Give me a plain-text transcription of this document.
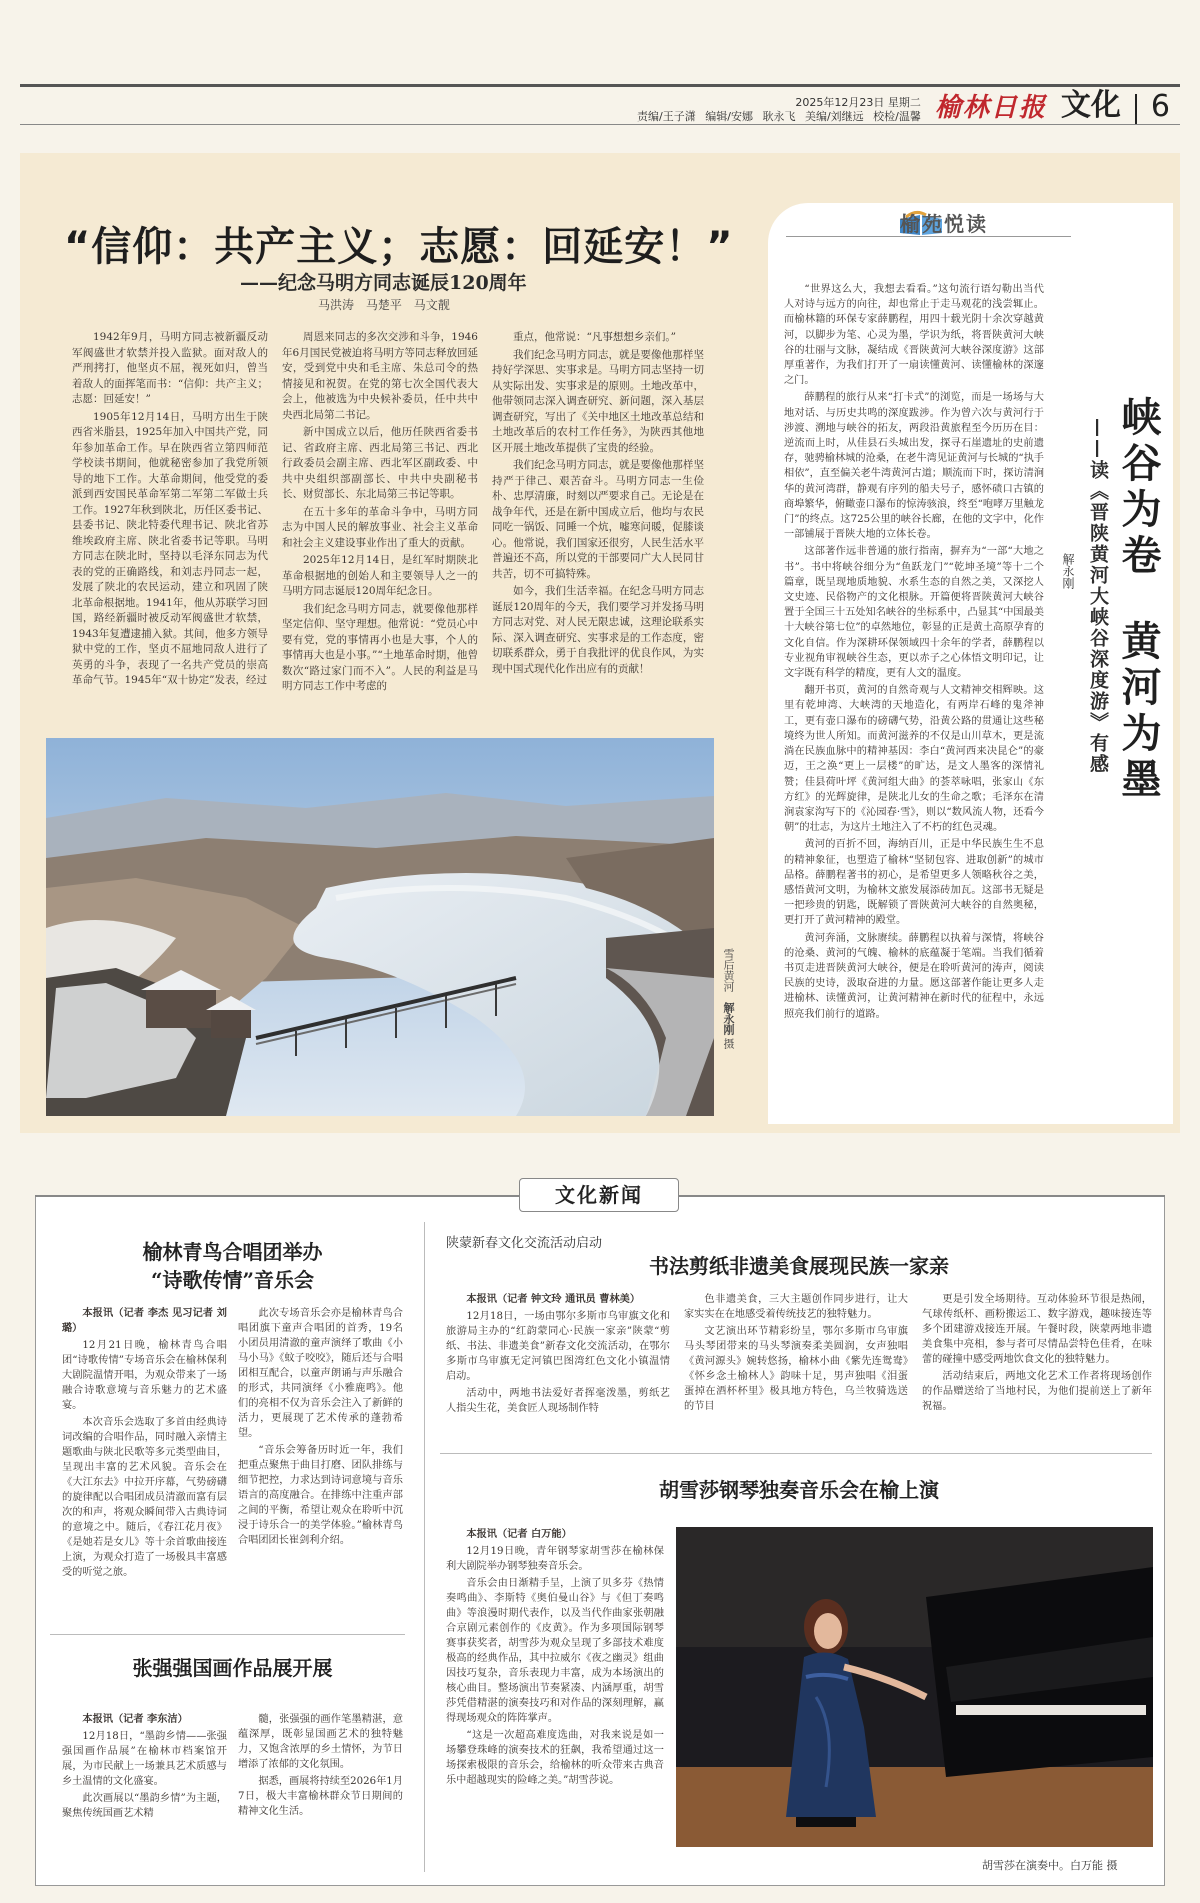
2025年12月23日 星期二
责编/王子潇 编辑/安娜 耿永飞 美编/刘继远 校检/温馨 榆林日报 文化 6
“信仰：共产主义；志愿：回延安！”
——纪念马明方同志诞辰120周年
马洪涛 马楚平 马文靓

1942年9月，马明方同志被新疆反动军阀盛世才软禁并投入监狱。面对敌人的严刑拷打，他坚贞不屈，视死如归，曾当着敌人的面挥笔而书：“信仰：共产主义；志愿：回延安！”

1905年12月14日，马明方出生于陕西省米脂县，1925年加入中国共产党，同年参加革命工作。早在陕西省立第四师范学校读书期间，他就秘密参加了我党所领导的地下工作。大革命期间，他受党的委派到西安国民革命军第二军第二军做士兵工作。1927年秋到陕北，历任区委书记、县委书记、陕北特委代理书记、陕北省苏维埃政府主席、陕北省委书记等职。马明方同志在陕北时，坚持以毛泽东同志为代表的党的正确路线，和刘志丹同志一起，发展了陕北的农民运动，建立和巩固了陕北革命根据地。1941年，他从苏联学习回国，路经新疆时被反动军阀盛世才软禁，1943年复遭逮捕入狱。其间，他多方领导狱中党的工作，坚贞不屈地同敌人进行了英勇的斗争，表现了一名共产党员的崇高革命气节。1945年“双十协定”发表，经过

周恩来同志的多次交涉和斗争，1946年6月国民党被迫将马明方等同志释放回延安，受到党中央和毛主席、朱总司令的热情接见和祝贺。在党的第七次全国代表大会上，他被选为中央候补委员，任中共中央西北局第二书记。

新中国成立以后，他历任陕西省委书记、省政府主席、西北局第三书记、西北行政委员会副主席、西北军区副政委、中共中央组织部副部长、中共中央副秘书长、财贸部长、东北局第三书记等职。

在五十多年的革命斗争中，马明方同志为中国人民的解放事业、社会主义革命和社会主义建设事业作出了重大的贡献。

2025年12月14日，是红军时期陕北革命根据地的创始人和主要领导人之一的马明方同志诞辰120周年纪念日。

我们纪念马明方同志，就要像他那样坚定信仰、坚守理想。他常说：“党员心中要有党，党的事情再小也是大事，个人的事情再大也是小事。”“土地革命时期，他曾数次“路过家门而不入”。人民的利益是马明方同志工作中考虑的

重点，他常说：“凡事想想乡亲们。”

我们纪念马明方同志，就是要像他那样坚持好学深思、实事求是。马明方同志坚持一切从实际出发、实事求是的原则。土地改革中，他带领同志深入调查研究、新问题，深入基层调查研究，写出了《关中地区土地改革总结和土地改革后的农村工作任务》，为陕西其他地区开展土地改革提供了宝贵的经验。

我们纪念马明方同志，就是要像他那样坚持严于律己、艰苦奋斗。马明方同志一生俭朴、忠厚清廉，时刻以严要求自己。无论是在战争年代，还是在新中国成立后，他均与农民同吃一锅饭、同睡一个炕，嘘寒问暖，促膝谈心。他常说，我们国家还很穷，人民生活水平普遍还不高，所以党的干部要同广大人民同甘共苦，切不可搞特殊。

如今，我们生活幸福。在纪念马明方同志诞辰120周年的今天，我们要学习并发扬马明方同志对党、对人民无限忠诚，这理论联系实际、深入调查研究、实事求是的工作态度，密切联系群众，勇于自我批评的优良作风，为实现中国式现代化作出应有的贡献！

雪后黄河 解永刚 摄
榆苑悦读
峡谷为卷  黄河为墨
——读《晋陕黄河大峡谷深度游》有感
解永刚

“世界这么大，我想去看看。”这句流行语勾勒出当代人对诗与远方的向往，却也常止于走马观花的浅尝辄止。而榆林籍的环保专家薛鹏程，用四十载光阴十余次穿越黄河，以脚步为笔、心灵为墨，学识为纸，将晋陕黄河大峡谷的壮丽与文脉，凝结成《晋陕黄河大峡谷深度游》这部厚重著作，为我们打开了一扇读懂黄河、读懂榆林的深邃之门。

薛鹏程的旅行从来“打卡式”的浏览，而是一场场与大地对话、与历史共鸣的深度跋涉。作为曾六次与黄河行于涉渡、溯地与峡谷的拓友，两段沿黄旅程至今历历在目：逆流而上时，从佳县石头城出发，探寻石崖遗址的史前遗存，驰骋榆林城的沧桑，在老牛湾见证黄河与长城的“执手相依”，直至偏关老牛湾黄河古道；顺流而下时，探访清涧华的黄河湾群，静观有序列的船夫号子，感怀碛口古镇的商埠繁华，俯瞰壶口瀑布的惊涛骇浪，终至“咆哮万里触龙门”的终点。这725公里的峡谷长廊，在他的文字中，化作一部铺展于晋陕大地的立体长卷。

这部著作远非普通的旅行指南，摒弃为“一部“大地之书”。书中将峡谷细分为“鱼跃龙门”“乾坤圣境”等十二个篇章，既呈现地质地貌、水系生态的自然之美，又深挖人文史迹、民俗物产的文化根脉。开篇便将晋陕黄河大峡谷置于全国三十五处知名峡谷的坐标系中，凸显其“中国最美十大峡谷第七位”的卓然地位，彰显的正是黄土高原孕育的文化自信。作为深耕环保领域四十余年的学者，薛鹏程以专业视角审视峡谷生态，更以赤子之心体悟文明印记，让文字既有科学的精度，更有人文的温度。

翻开书页，黄河的自然奇观与人文精神交相辉映。这里有乾坤湾、大峡湾的天地造化，有两岸石峰的鬼斧神工，更有壶口瀑布的磅礴气势，沿黄公路的贯通让这些秘境终为世人所知。而黄河滋养的不仅是山川草木，更是流淌在民族血脉中的精神基因：李白“黄河西来决昆仑”的豪迈，王之涣“更上一层楼”的旷达，是文人墨客的深情礼赞；佳县荷叶坪《黄河组大曲》的荟萃咏唱，张家山《东方红》的光辉旋律，是陕北儿女的生命之歌；毛泽东在清涧袁家沟写下的《沁园春·雪》，则以“数风流人物，还看今朝”的壮志，为这片土地注入了不朽的红色灵魂。

黄河的百折不回，海纳百川，正是中华民族生生不息的精神象征，也塑造了榆林“坚韧包容、进取创新”的城市品格。薛鹏程著书的初心，是希望更多人领略秋谷之美，感悟黄河文明，为榆林文旅发展添砖加瓦。这部书无疑是一把珍贵的钥匙，既解锁了晋陕黄河大峡谷的自然奥秘，更打开了黄河精神的殿堂。

黄河奔涌，文脉赓续。薛鹏程以执着与深情，将峡谷的沧桑、黄河的气魄、榆林的底蕴凝于笔端。当我们循着书页走进晋陕黄河大峡谷，便是在聆听黄河的涛声，阅读民族的史诗，汲取奋进的力量。愿这部著作能让更多人走进榆林、读懂黄河，让黄河精神在新时代的征程中，永远照亮我们前行的道路。

文化新闻
榆林青鸟合唱团举办
“诗歌传情”音乐会

本报讯（记者 李杰 见习记者 刘璐）

12月21日晚，榆林青鸟合唱团“诗歌传情”专场音乐会在榆林保利大剧院温情开唱，为观众带来了一场融合诗歌意境与音乐魅力的艺术盛宴。

本次音乐会选取了多首由经典诗词改编的合唱作品，同时融入亲情主题歌曲与陕北民歌等多元类型曲目，呈现出丰富的艺术风貌。音乐会在《大江东去》中拉开序幕，气势磅礴的旋律配以合唱团成员清澈而富有层次的和声，将观众瞬间带入古典诗词的意境之中。随后，《春江花月夜》《是她若是女儿》等十余首歌曲接连上演，为观众打造了一场极具丰富感受的听觉之旅。

此次专场音乐会亦是榆林青鸟合唱团旗下童声合唱团的首秀，19名小团员用清澈的童声演绎了歌曲《小马小马》《蚊子咬咬》，随后还与合唱团相互配合，以童声朗诵与声乐融合的形式，共同演绎《小雅鹿鸣》。他们的亮相不仅为音乐会注入了新鲜的活力，更展现了艺术传承的蓬勃希望。

“音乐会筹备历时近一年，我们把重点聚焦于曲目打磨、团队排练与细节把控，力求达到诗词意境与音乐语言的高度融合。在排练中注重声部之间的平衡，希望让观众在聆听中沉浸于诗乐合一的美学体验。”榆林青鸟合唱团团长崔剑利介绍。

张强强国画作品展开展

本报讯（记者 李东洁）

12月18日，“墨韵乡情——张强强国画作品展”在榆林市档案馆开展，为市民献上一场兼具艺术质感与乡土温情的文化盛宴。

此次画展以“墨韵乡情”为主题，聚焦传统国画艺术精

髓，张强强的画作笔墨精湛，意蕴深厚，既彰显国画艺术的独特魅力，又饱含浓厚的乡土情怀，为节日增添了浓郁的文化氛围。

据悉，画展将持续至2026年1月7日，极大丰富榆林群众节日期间的精神文化生活。

陕蒙新春文化交流活动启动
书法剪纸非遗美食展现民族一家亲

本报讯（记者 钟文玲 通讯员 曹林美）

12月18日，一场由鄂尔多斯市乌审旗文化和旅游局主办的“红韵蒙同心·民族一家亲”陕蒙“剪纸、书法、非遗美食”新春文化交流活动，在鄂尔多斯市乌审旗无定河镇巴图湾红色文化小镇温情启动。

活动中，两地书法爱好者挥毫泼墨，剪纸艺人指尖生花，美食匠人现场制作特

色非遗美食，三大主题创作同步进行，让大家实实在在地感受着传统技艺的独特魅力。

文艺演出环节精彩纷呈，鄂尔多斯市乌审旗马头琴团带来的马头琴演奏柔美圆润，女声独唱《黄河源头》婉转悠扬，榆林小曲《紫先连鸳鸯》《怀乡念土榆林人》韵味十足，男声独唱《泪蛋蛋掉在酒杯杯里》极具地方特色，乌兰牧骑选送的节目

更是引发全场期待。互动体验环节很是热闹，气球传纸杯、画粉搬运工、数字游戏，趣味接连等多个团建游戏接连开展。午餐时段，陕蒙两地非遗美食集中亮相，参与者可尽情品尝特色佳肴，在味蕾的碰撞中感受两地饮食文化的独特魅力。

活动结束后，两地文化艺术工作者将现场创作的作品赠送给了当地村民，为他们提前送上了新年祝福。

胡雪莎钢琴独奏音乐会在榆上演

本报讯（记者 白万能）

12月19日晚，青年钢琴家胡雪莎在榆林保利大剧院举办钢琴独奏音乐会。

音乐会由日渐精手呈，上演了贝多芬《热情奏鸣曲》、李斯特《奥伯曼山谷》与《但丁奏鸣曲》等浪漫时期代表作，以及当代作曲家张朝融合京剧元素创作的《皮黄》。作为多项国际钢琴赛事获奖者，胡雪莎为观众呈现了多部技术难度极高的经典作品，其中拉威尔《夜之幽灵》组曲因技巧复杂，音乐表现力丰富，成为本场演出的核心曲目。整场演出节奏紧凑、内涵厚重，胡雪莎凭借精湛的演奏技巧和对作品的深刻理解，赢得现场观众的阵阵掌声。

“这是一次超高难度选曲，对我来说是如一场攀登珠峰的演奏技术的狂飙，我希望通过这一场探索极限的音乐会，给榆林的听众带来古典音乐中超越现实的险峰之美。”胡雪莎说。

胡雪莎在演奏中。白万能 摄
